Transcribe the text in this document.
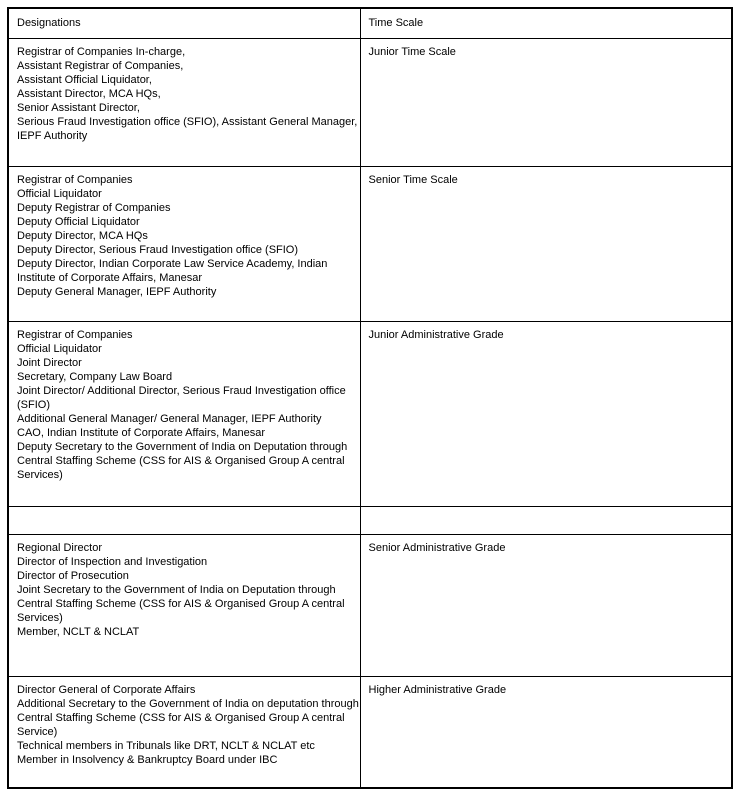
Designations	Time Scale

Registrar of Companies In-charge,
Assistant Registrar of Companies,
Assistant Official Liquidator,
Assistant Director, MCA HQs,
Senior Assistant Director,
Serious Fraud Investigation office (SFIO), Assistant General Manager,
IEPF Authority
	Junior Time Scale

Registrar of Companies
Official Liquidator
Deputy Registrar of Companies
Deputy Official Liquidator
Deputy Director, MCA HQs
Deputy Director, Serious Fraud Investigation office (SFIO)
Deputy Director, Indian Corporate Law Service Academy, Indian
Institute of Corporate Affairs, Manesar
Deputy General Manager, IEPF Authority
	Senior Time Scale

Registrar of Companies
Official Liquidator
Joint Director
Secretary, Company Law Board
Joint Director/ Additional Director, Serious Fraud Investigation office
(SFIO)
Additional General Manager/ General Manager, IEPF Authority
CAO, Indian Institute of Corporate Affairs, Manesar
Deputy Secretary to the Government of India on Deputation through
Central Staffing Scheme (CSS for AIS & Organised Group A central
Services)
	Junior Administrative Grade

Regional Director
Director of Inspection and Investigation
Director of Prosecution
Joint Secretary to the Government of India on Deputation through
Central Staffing Scheme (CSS for AIS & Organised Group A central
Services)
Member, NCLT & NCLAT
	Senior Administrative Grade

Director General of Corporate Affairs
Additional Secretary to the Government of India on deputation through
Central Staffing Scheme (CSS for AIS & Organised Group A central
Service)
Technical members in Tribunals like DRT, NCLT & NCLAT etc
Member in Insolvency & Bankruptcy Board under IBC
	Higher Administrative Grade
